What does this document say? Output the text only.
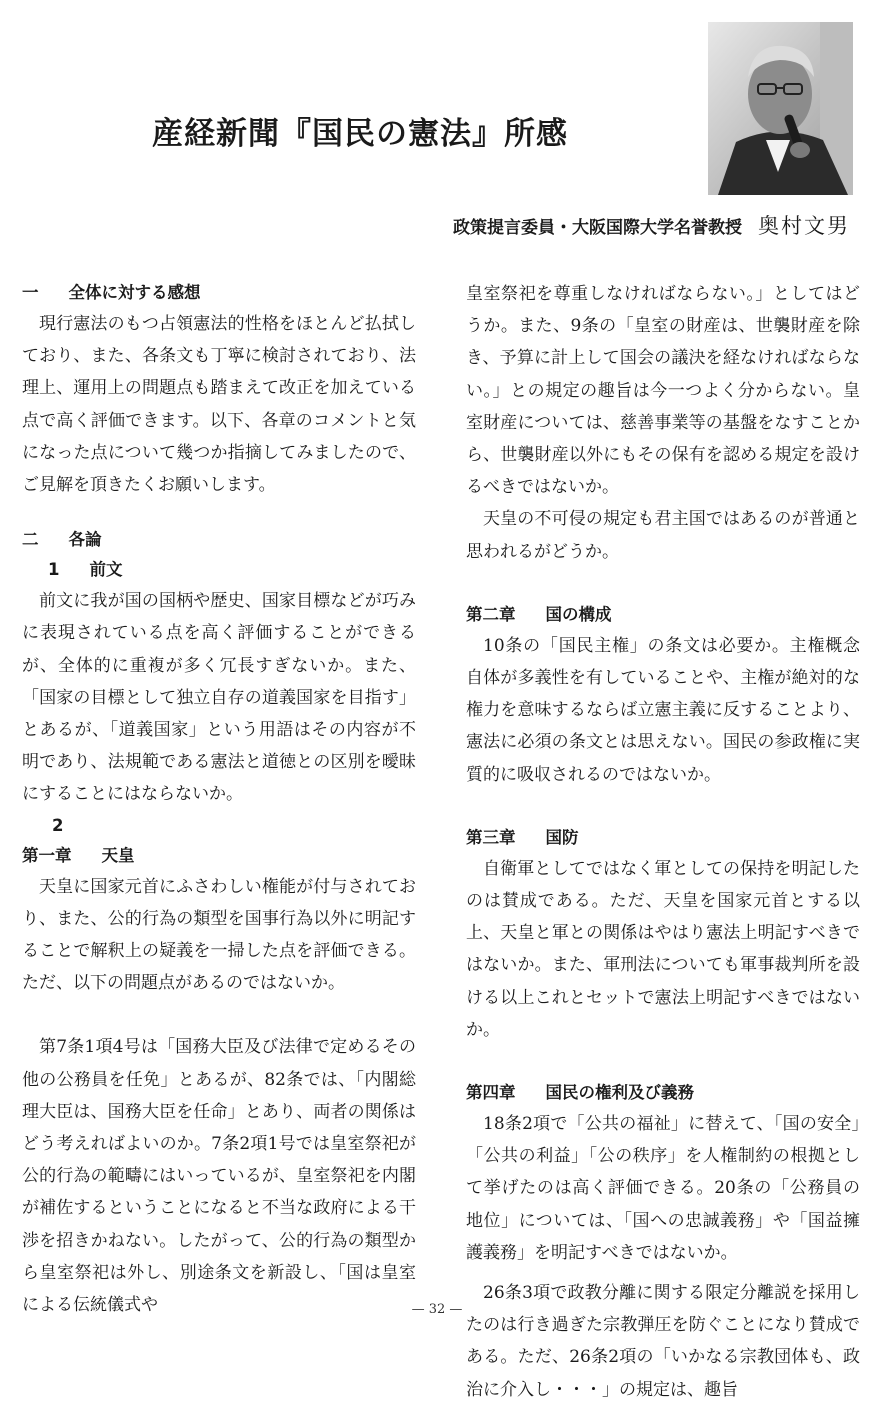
産経新聞『国民の憲法』所感
政策提言委員・大阪国際大学名誉教授 奥村文男
一 全体に対する感想

現行憲法のもつ占領憲法的性格をほとんど払拭しており、また、各条文も丁寧に検討されており、法理上、運用上の問題点も踏まえて改正を加えている点で高く評価できます。以下、各章のコメントと気になった点について幾つか指摘してみましたので、ご見解を頂きたくお願いします。

二 各論
1 前文

前文に我が国の国柄や歴史、国家目標などが巧みに表現されている点を高く評価することができるが、全体的に重複が多く冗長すぎないか。また、「国家の目標として独立自存の道義国家を目指す」とあるが、「道義国家」という用語はその内容が不明であり、法規範である憲法と道徳との区別を曖昧にすることにはならないか。

2
第一章 天皇

天皇に国家元首にふさわしい権能が付与されており、また、公的行為の類型を国事行為以外に明記することで解釈上の疑義を一掃した点を評価できる。ただ、以下の問題点があるのではないか。

第7条1項4号は「国務大臣及び法律で定めるその他の公務員を任免」とあるが、82条では、「内閣総理大臣は、国務大臣を任命」とあり、両者の関係はどう考えればよいのか。7条2項1号では皇室祭祀が公的行為の範疇にはいっているが、皇室祭祀を内閣が補佐するということになると不当な政府による干渉を招きかねない。したがって、公的行為の類型から皇室祭祀は外し、別途条文を新設し、「国は皇室による伝統儀式や

皇室祭祀を尊重しなければならない。」としてはどうか。また、9条の「皇室の財産は、世襲財産を除き、予算に計上して国会の議決を経なければならない。」との規定の趣旨は今一つよく分からない。皇室財産については、慈善事業等の基盤をなすことから、世襲財産以外にもその保有を認める規定を設けるべきではないか。

天皇の不可侵の規定も君主国ではあるのが普通と思われるがどうか。

第二章 国の構成

10条の「国民主権」の条文は必要か。主権概念自体が多義性を有していることや、主権が絶対的な権力を意味するならば立憲主義に反することより、憲法に必須の条文とは思えない。国民の参政権に実質的に吸収されるのではないか。

第三章 国防

自衛軍としてではなく軍としての保持を明記したのは賛成である。ただ、天皇を国家元首とする以上、天皇と軍との関係はやはり憲法上明記すべきではないか。また、軍刑法についても軍事裁判所を設ける以上これとセットで憲法上明記すべきではないか。

第四章 国民の権利及び義務

18条2項で「公共の福祉」に替えて、「国の安全」「公共の利益」「公の秩序」を人権制約の根拠として挙げたのは高く評価できる。20条の「公務員の地位」については、「国への忠誠義務」や「国益擁護義務」を明記すべきではないか。

26条3項で政教分離に関する限定分離説を採用したのは行き過ぎた宗教弾圧を防ぐことになり賛成である。ただ、26条2項の「いかなる宗教団体も、政治に介入し・・・」の規定は、趣旨

— 32 —
